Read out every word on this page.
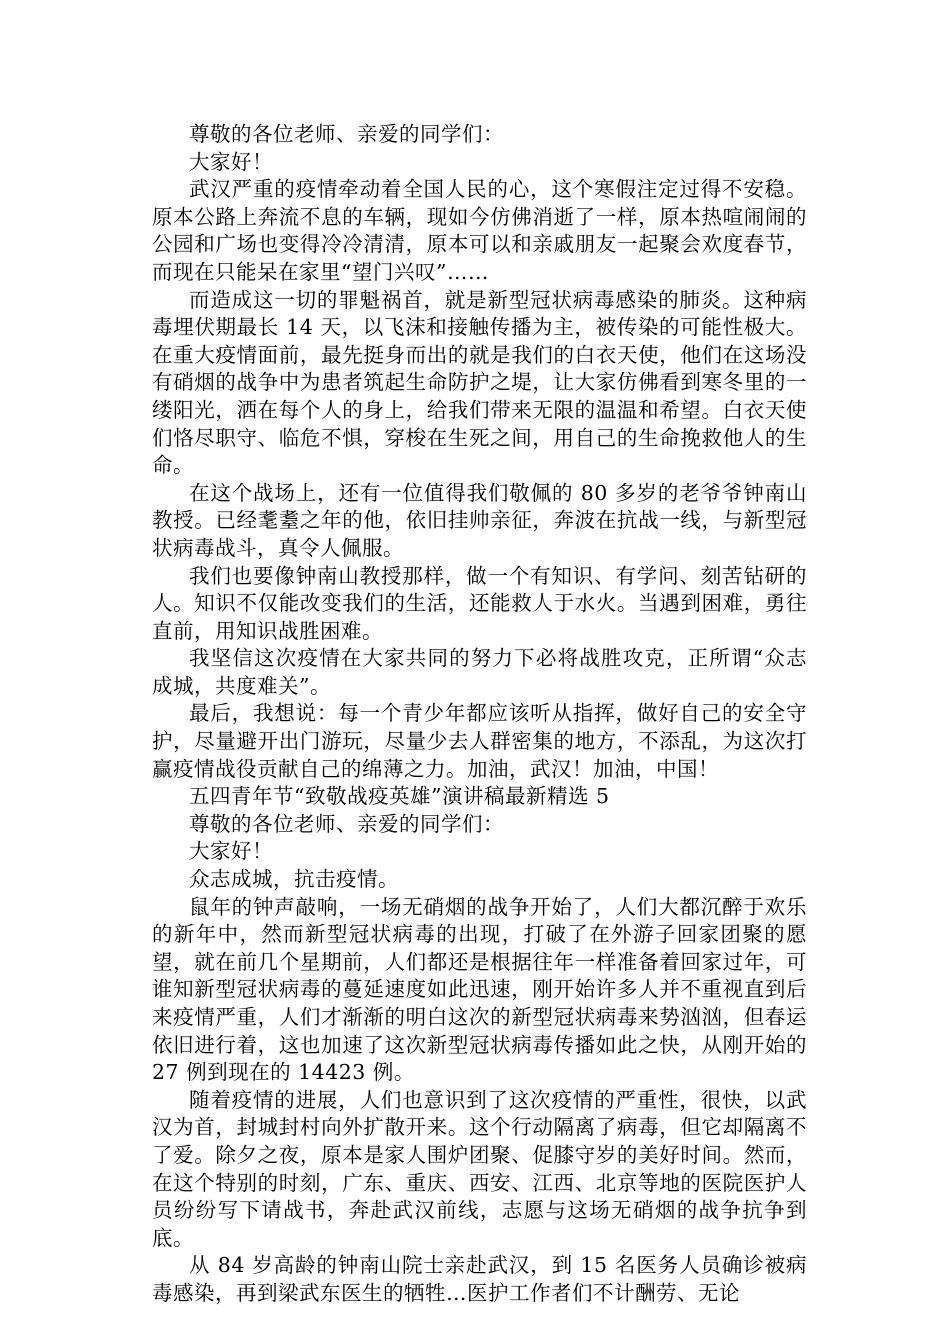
尊敬的各位老师、亲爱的同学们：

大家好！

武汉严重的疫情牵动着全国人民的心，这个寒假注定过得不安稳。原本公路上奔流不息的车辆，现如今仿佛消逝了一样，原本热喧闹闹的公园和广场也变得冷冷清清，原本可以和亲戚朋友一起聚会欢度春节，而现在只能呆在家里“望门兴叹”……

而造成这一切的罪魁祸首，就是新型冠状病毒感染的肺炎。这种病毒埋伏期最长 14 天，以飞沫和接触传播为主，被传染的可能性极大。在重大疫情面前，最先挺身而出的就是我们的白衣天使，他们在这场没有硝烟的战争中为患者筑起生命防护之堤，让大家仿佛看到寒冬里的一缕阳光，洒在每个人的身上，给我们带来无限的温温和希望。白衣天使们恪尽职守、临危不惧，穿梭在生死之间，用自己的生命挽救他人的生命。

在这个战场上，还有一位值得我们敬佩的 80 多岁的老爷爷钟南山教授。已经耄耋之年的他，依旧挂帅亲征，奔波在抗战一线，与新型冠状病毒战斗，真令人佩服。

我们也要像钟南山教授那样，做一个有知识、有学问、刻苦钻研的人。知识不仅能改变我们的生活，还能救人于水火。当遇到困难，勇往直前，用知识战胜困难。

我坚信这次疫情在大家共同的努力下必将战胜攻克，正所谓“众志成城，共度难关”。

最后，我想说：每一个青少年都应该听从指挥，做好自己的安全守护，尽量避开出门游玩，尽量少去人群密集的地方，不添乱，为这次打赢疫情战役贡献自己的绵薄之力。加油，武汉！加油，中国！

五四青年节“致敬战疫英雄”演讲稿最新精选 5

尊敬的各位老师、亲爱的同学们：

大家好！

众志成城，抗击疫情。

鼠年的钟声敲响，一场无硝烟的战争开始了，人们大都沉醉于欢乐的新年中，然而新型冠状病毒的出现，打破了在外游子回家团聚的愿望，就在前几个星期前，人们都还是根据往年一样准备着回家过年，可谁知新型冠状病毒的蔓延速度如此迅速，刚开始许多人并不重视直到后来疫情严重，人们才渐渐的明白这次的新型冠状病毒来势汹汹，但春运依旧进行着，这也加速了这次新型冠状病毒传播如此之快，从刚开始的 27 例到现在的 14423 例。

随着疫情的进展，人们也意识到了这次疫情的严重性，很快，以武汉为首，封城封村向外扩散开来。这个行动隔离了病毒，但它却隔离不了爱。除夕之夜，原本是家人围炉团聚、促膝守岁的美好时间。然而，在这个特别的时刻，广东、重庆、西安、江西、北京等地的医院医护人员纷纷写下请战书，奔赴武汉前线，志愿与这场无硝烟的战争抗争到底。

从 84 岁高龄的钟南山院士亲赴武汉，到 15 名医务人员确诊被病毒感染，再到梁武东医生的牺牲…医护工作者们不计酬劳、无论
